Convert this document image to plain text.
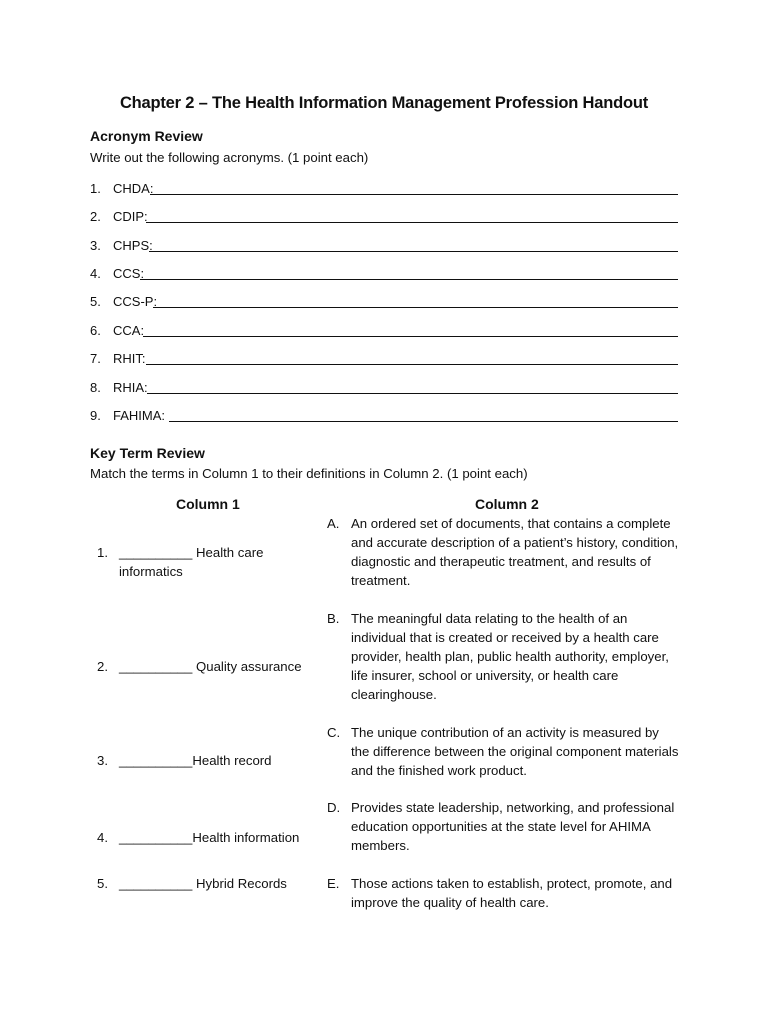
Chapter 2 – The Health Information Management Profession Handout
Acronym Review
Write out the following acronyms. (1 point each)
1. CHDA:
2. CDIP:
3. CHPS:
4. CCS:
5. CCS-P:
6. CCA:
7. RHIT:
8. RHIA:
9. FAHIMA:
Key Term Review
Match the terms in Column 1 to their definitions in Column 2. (1 point each)
Column 1	Column 2
1. __________ Health care informatics
2. __________ Quality assurance
3. __________Health record
4. __________Health information
5. __________ Hybrid Records
A. An ordered set of documents, that contains a complete and accurate description of a patient’s history, condition, diagnostic and therapeutic treatment, and results of treatment.
B. The meaningful data relating to the health of an individual that is created or received by a health care provider, health plan, public health authority, employer, life insurer, school or university, or health care clearinghouse.
C. The unique contribution of an activity is measured by the difference between the original component materials and the finished work product.
D. Provides state leadership, networking, and professional education opportunities at the state level for AHIMA members.
E. Those actions taken to establish, protect, promote, and improve the quality of health care.
